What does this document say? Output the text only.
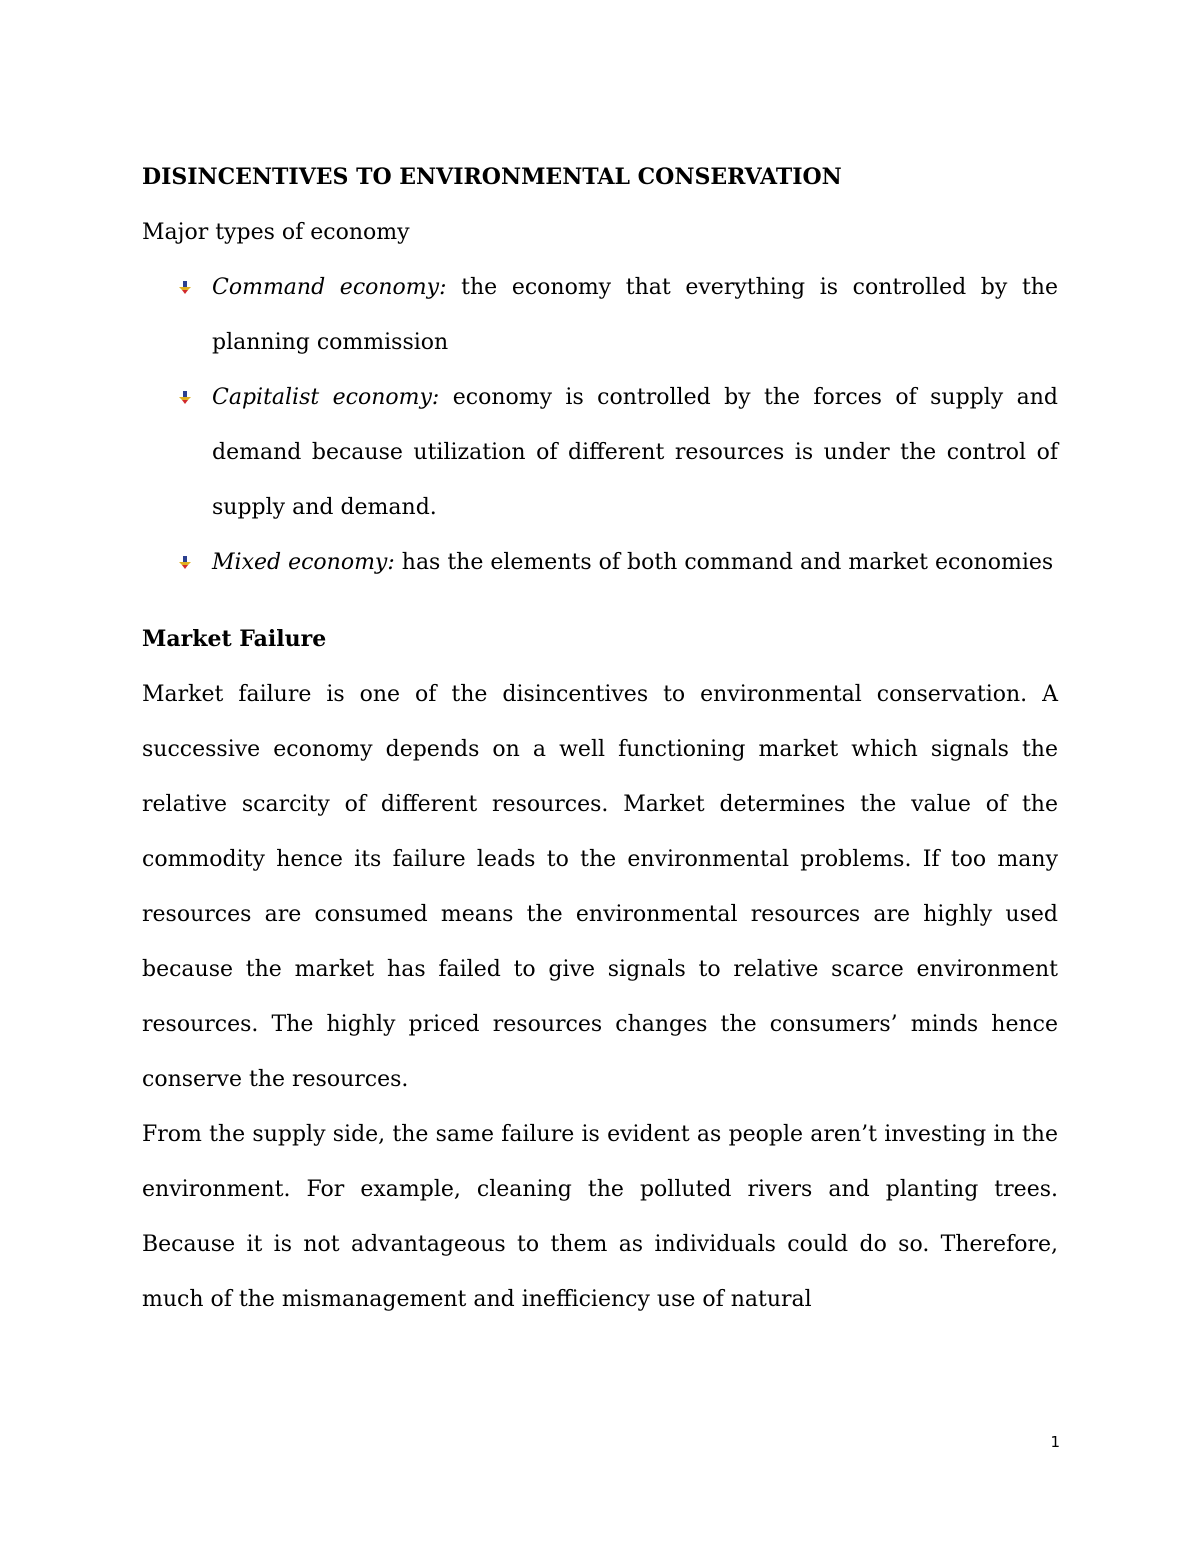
DISINCENTIVES TO ENVIRONMENTAL CONSERVATION

Major types of economy

Command economy: the economy that everything is controlled by the planning commission
Capitalist economy: economy is controlled by the forces of supply and demand because utilization of different resources is under the control of supply and demand.
Mixed economy: has the elements of both command and market economies

Market Failure

Market failure is one of the disincentives to environmental conservation. A successive economy depends on a well functioning market which signals the relative scarcity of different resources. Market determines the value of the commodity hence its failure leads to the environmental problems. If too many resources are consumed means the environmental resources are highly used because the market has failed to give signals to relative scarce environment resources. The highly priced resources changes the consumers’ minds hence conserve the resources.

From the supply side, the same failure is evident as people aren’t investing in the environment. For example, cleaning the polluted rivers and planting trees. Because it is not advantageous to them as individuals could do so. Therefore, much of the mismanagement and inefficiency use of natural

1
